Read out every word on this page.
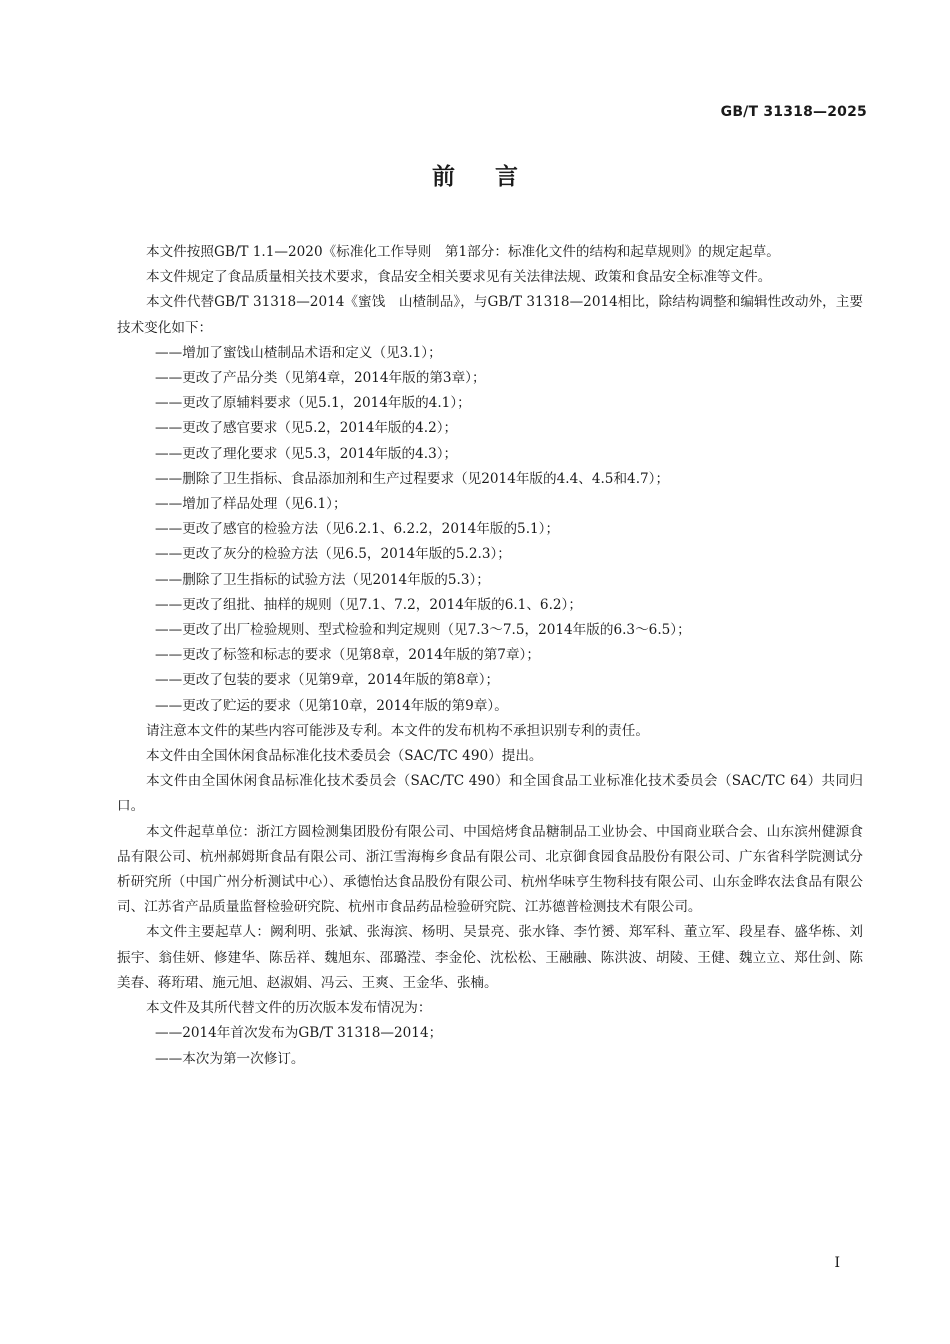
GB/T 31318—2025
前言

本文件按照GB/T 1.1—2020《标准化工作导则　第1部分：标准化文件的结构和起草规则》的规定起草。

本文件规定了食品质量相关技术要求，食品安全相关要求见有关法律法规、政策和食品安全标准等文件。

本文件代替GB/T 31318—2014《蜜饯　山楂制品》，与GB/T 31318—2014相比，除结构调整和编辑性改动外，主要技术变化如下：

——增加了蜜饯山楂制品术语和定义（见3.1）；

——更改了产品分类（见第4章，2014年版的第3章）；

——更改了原辅料要求（见5.1，2014年版的4.1）；

——更改了感官要求（见5.2，2014年版的4.2）；

——更改了理化要求（见5.3，2014年版的4.3）；

——删除了卫生指标、食品添加剂和生产过程要求（见2014年版的4.4、4.5和4.7）；

——增加了样品处理（见6.1）；

——更改了感官的检验方法（见6.2.1、6.2.2，2014年版的5.1）；

——更改了灰分的检验方法（见6.5，2014年版的5.2.3）；

——删除了卫生指标的试验方法（见2014年版的5.3）；

——更改了组批、抽样的规则（见7.1、7.2，2014年版的6.1、6.2）；

——更改了出厂检验规则、型式检验和判定规则（见7.3～7.5，2014年版的6.3～6.5）；

——更改了标签和标志的要求（见第8章，2014年版的第7章）；

——更改了包装的要求（见第9章，2014年版的第8章）；

——更改了贮运的要求（见第10章，2014年版的第9章）。

请注意本文件的某些内容可能涉及专利。本文件的发布机构不承担识别专利的责任。

本文件由全国休闲食品标准化技术委员会（SAC/TC 490）提出。

本文件由全国休闲食品标准化技术委员会（SAC/TC 490）和全国食品工业标准化技术委员会（SAC/TC 64）共同归口。

本文件起草单位：浙江方圆检测集团股份有限公司、中国焙烤食品糖制品工业协会、中国商业联合会、山东滨州健源食品有限公司、杭州郝姆斯食品有限公司、浙江雪海梅乡食品有限公司、北京御食园食品股份有限公司、广东省科学院测试分析研究所（中国广州分析测试中心）、承德怡达食品股份有限公司、杭州华味亨生物科技有限公司、山东金晔农法食品有限公司、江苏省产品质量监督检验研究院、杭州市食品药品检验研究院、江苏德普检测技术有限公司。

本文件主要起草人：阙利明、张斌、张海滨、杨明、吴景亮、张水锋、李竹赟、郑军科、董立军、段星春、盛华栋、刘振宇、翁佳妍、修建华、陈岳祥、魏旭东、邵璐滢、李金伦、沈松松、王融融、陈洪波、胡陵、王健、魏立立、郑仕剑、陈美春、蒋珩珺、施元旭、赵淑娟、冯云、王爽、王金华、张楠。

本文件及其所代替文件的历次版本发布情况为：

——2014年首次发布为GB/T 31318—2014；

——本次为第一次修订。

I
